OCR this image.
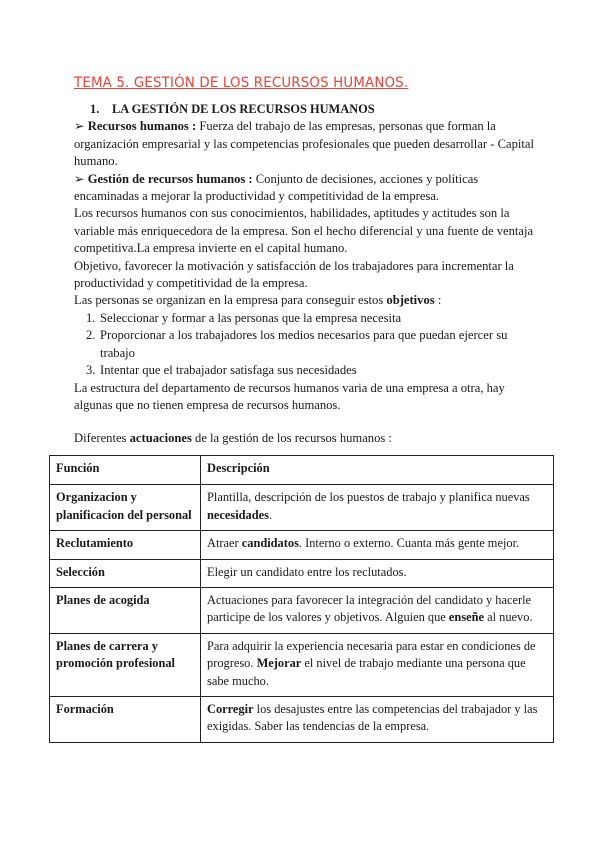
TEMA 5. GESTIÓN DE LOS RECURSOS HUMANOS.

1. LA GESTIÓN DE LOS RECURSOS HUMANOS

➢ Recursos humanos : Fuerza del trabajo de las empresas, personas que forman la organización empresarial y las competencias profesionales que pueden desarrollar - Capital humano.

➢ Gestión de recursos humanos : Conjunto de decisiones, acciones y políticas encaminadas a mejorar la productividad y competitividad de la empresa.

Los recursos humanos con sus conocimientos, habilidades, aptitudes y actitudes son la variable más enriquecedora de la empresa. Son el hecho diferencial y una fuente de ventaja competitiva.La empresa invierte en el capital humano.

Objetivo, favorecer la motivación y satisfacción de los trabajadores para incrementar la productividad y competitividad de la empresa.

Las personas se organizan en la empresa para conseguir estos objetivos :

1. Seleccionar y formar a las personas que la empresa necesita
2. Proporcionar a los trabajadores los medios necesarios para que puedan ejercer su trabajo
3. Intentar que el trabajador satisfaga sus necesidades

La estructura del departamento de recursos humanos varia de una empresa a otra, hay algunas que no tienen empresa de recursos humanos.

Diferentes actuaciones de la gestión de los recursos humanos :

Función	Descripción
Organizacion y planificacion del personal	Plantilla, descripción de los puestos de trabajo y planifica nuevas necesidades.
Reclutamiento	Atraer candidatos. Interno o externo. Cuanta más gente mejor.
Selección	Elegir un candidato entre los reclutados.
Planes de acogida	Actuaciones para favorecer la integración del candidato y hacerle participe de los valores y objetivos. Alguien que enseñe al nuevo.
Planes de carrera y promoción profesional	Para adquirir la experiencia necesaria para estar en condiciones de progreso. Mejorar el nivel de trabajo mediante una persona que sabe mucho.
Formación	Corregir los desajustes entre las competencias del trabajador y las exigidas. Saber las tendencias de la empresa.
